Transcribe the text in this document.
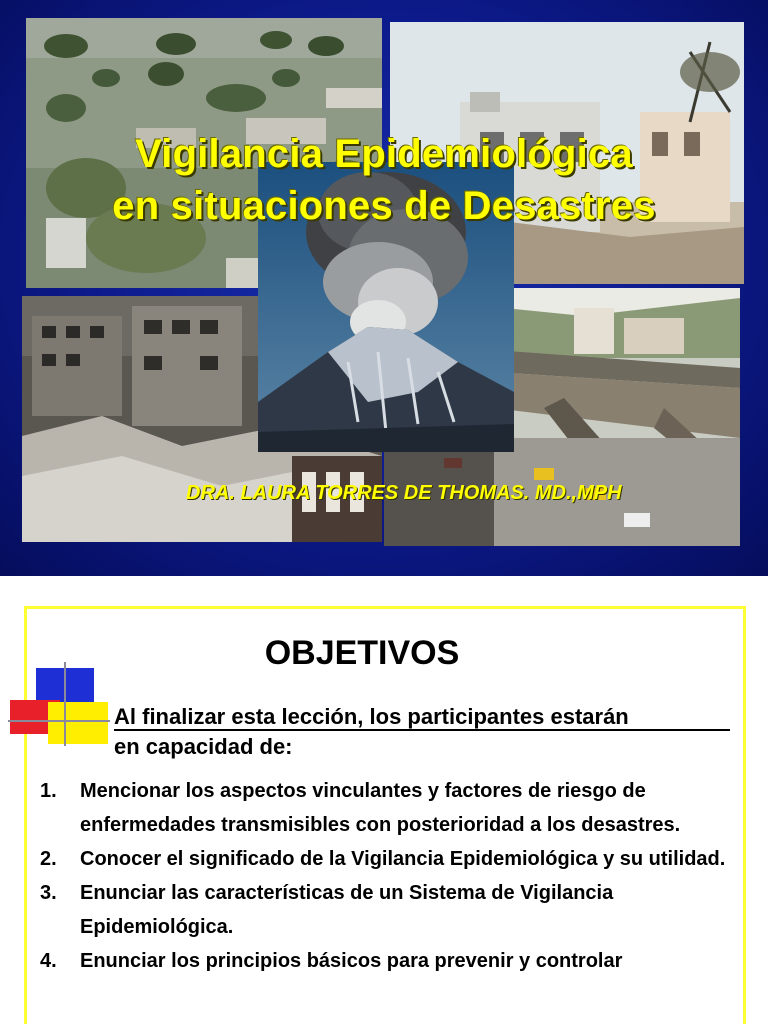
Vigilancia Epidemiológica
en situaciones de Desastres
DRA. LAURA TORRES DE THOMAS. MD.,MPH
OBJETIVOS
Al finalizar esta lección, los participantes estarán
en capacidad de:
1.	Mencionar los aspectos vinculantes y factores de riesgo de enfermedades transmisibles con posterioridad a los desastres.
2.	Conocer el significado de la Vigilancia Epidemiológica y su utilidad.
3.	Enunciar las características de un Sistema de Vigilancia Epidemiológica.
4.	Enunciar los principios básicos para prevenir y controlar
